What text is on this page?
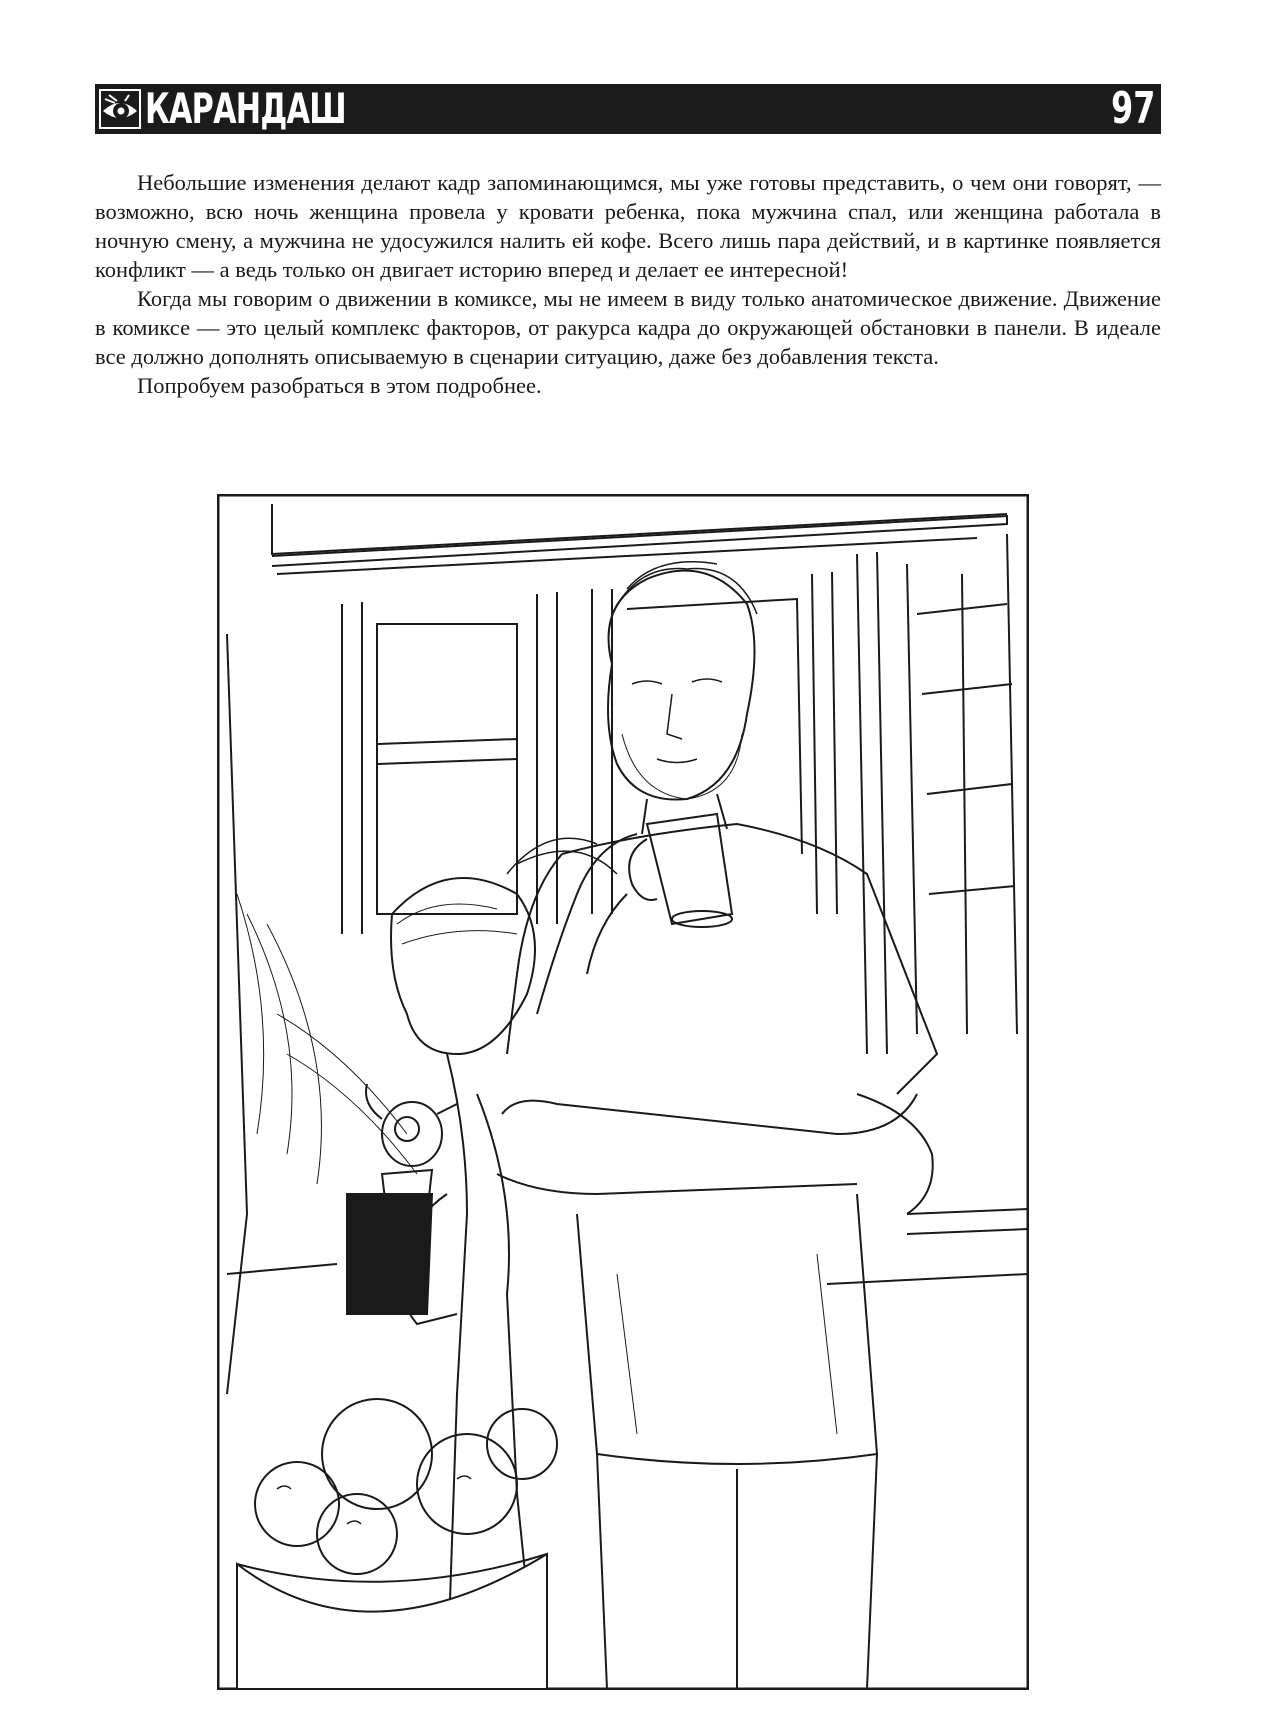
КАРАНДАШ	97

Небольшие изменения делают кадр запоминающимся, мы уже готовы представить, о чем они говорят, — возможно, всю ночь женщина провела у кровати ребенка, пока мужчина спал, или женщина работала в ночную смену, а мужчина не удосужился налить ей кофе. Всего лишь пара действий, и в картинке появляется конфликт — а ведь только он двигает историю вперед и делает ее интересной!

Когда мы говорим о движении в комиксе, мы не имеем в виду только анатомическое движение. Движение в комиксе — это целый комплекс факторов, от ракурса кадра до окружающей обстановки в панели. В идеале все должно дополнять описываемую в сценарии ситуацию, даже без добавления текста.

Попробуем разобраться в этом подробнее.
